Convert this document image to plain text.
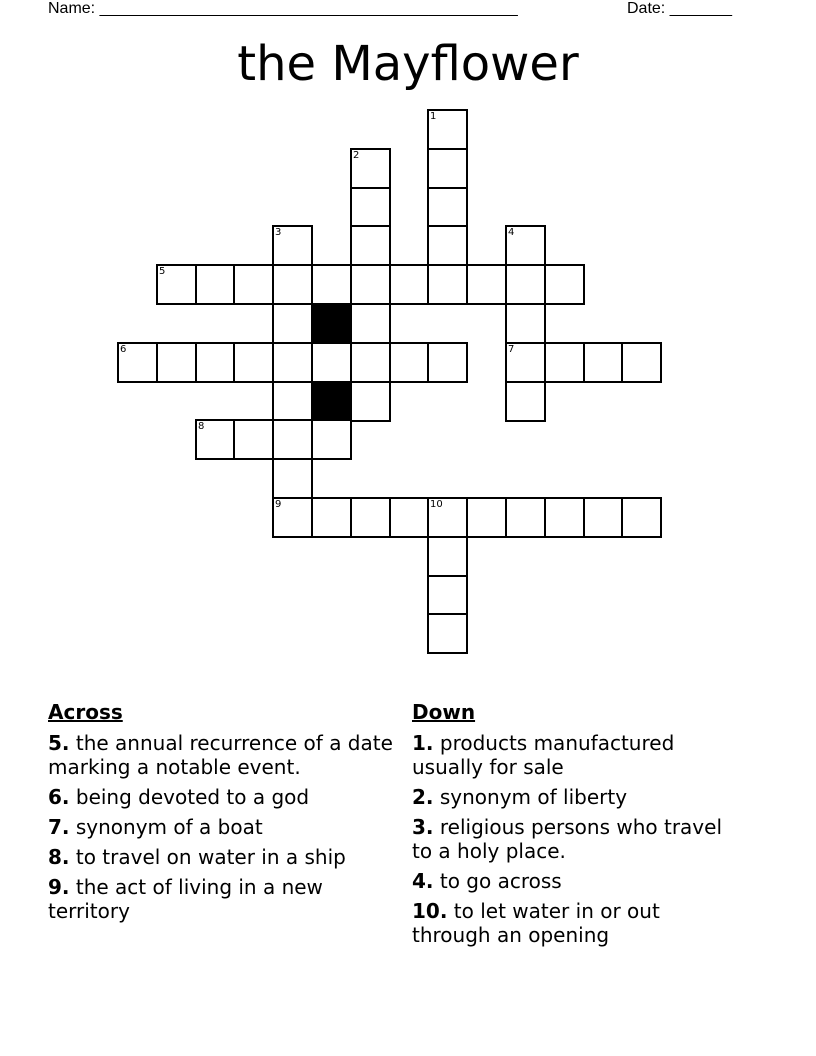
Name: _______________________________________________	Date: _______
the Mayflower
1
2
3	4
5
6	7
8
9	10
Across
5. the annual recurrence of a date marking a notable event.
6. being devoted to a god
7. synonym of a boat
8. to travel on water in a ship
9. the act of living in a new territory
Down
1. products manufactured usually for sale
2. synonym of liberty
3. religious persons who travel to a holy place.
4. to go across
10. to let water in or out through an opening
